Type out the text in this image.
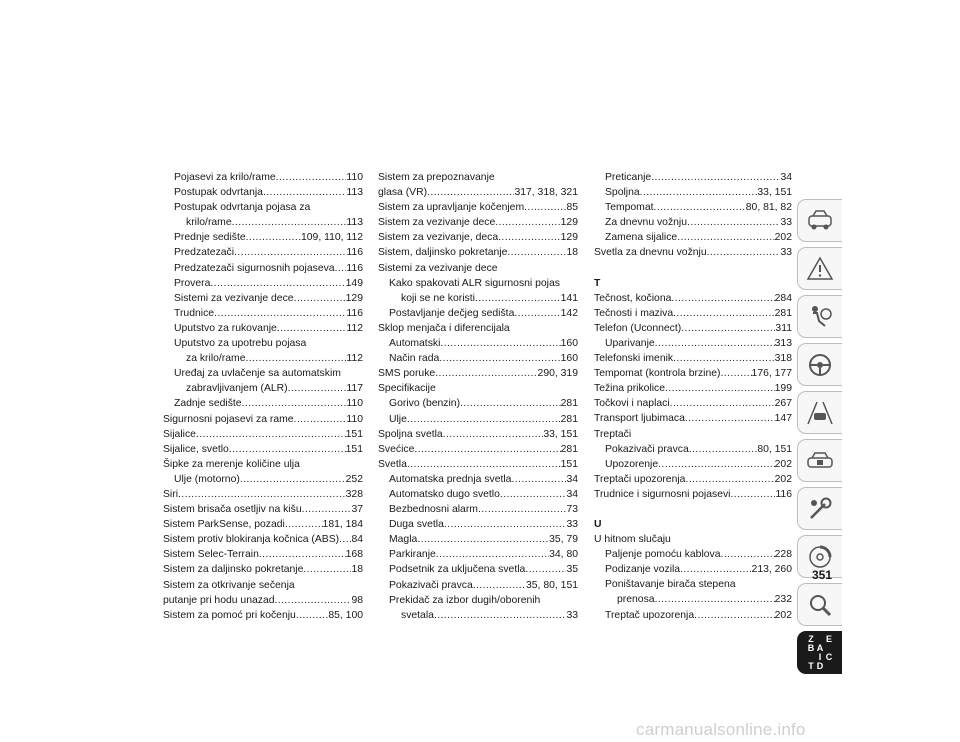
Pojasevi za krilo/rame .....	110
Postupak odvrtanja .....	113
Postupak odvrtanja pojasa za
krilo/rame .....	113
Prednje sedište .....	109, 110, 112
Predzatezači .....	116
Predzatezači sigurnosnih pojaseva ..... 116
Provera .....	149
Sistemi za vezivanje dece .....	129
Trudnice .....	116
Uputstvo za rukovanje .....	112
Uputstvo za upotrebu pojasa
za krilo/rame .....	112
Uređaj za uvlačenje sa automatskim
zabravljivanjem (ALR) .....	117
Zadnje sedište .....	110
Sigurnosni pojasevi za rame .....	110
Sijalice .....	151
Sijalice, svetlo .....	151
Šipke za merenje količine ulja
Ulje (motorno) .....	252
Siri .....	328
Sistem brisača osetljiv na kišu .....	37
Sistem ParkSense, pozadi .....	181, 184
Sistem protiv blokiranja kočnica (ABS) ..... 84
Sistem Selec-Terrain .....	168
Sistem za daljinsko pokretanje .....	18
Sistem za otkrivanje sečenja
putanje pri hodu unazad .....	98
Sistem za pomoć pri kočenju .....	85, 100
Sistem za prepoznavanje
glasa (VR) .....	317, 318, 321
Sistem za upravljanje kočenjem .....	85
Sistem za vezivanje dece .....	129
Sistem za vezivanje, deca .....	129
Sistem, daljinsko pokretanje .....	18
Sistemi za vezivanje dece
Kako spakovati ALR sigurnosni pojas
koji se ne koristi .....	141
Postavljanje dečjeg sedišta .....	142
Sklop menjača i diferencijala
Automatski .....	160
Način rada .....	160
SMS poruke .....	290, 319
Specifikacije
Gorivo (benzin) .....	281
Ulje .....	281
Spoljna svetla .....	33, 151
Svećice .....	281
Svetla .....	151
Automatska prednja svetla .....	34
Automatsko dugo svetlo .....	34
Bezbednosni alarm .....	73
Duga svetla .....	33
Magla .....	35, 79
Parkiranje .....	34, 80
Podsetnik za uključena svetla .....	35
Pokazivači pravca .....	35, 80, 151
Prekidač za izbor dugih/oborenih
svetala .....	33
Preticanje .....	34
Spoljna .....	33, 151
Tempomat .....	80, 81, 82
Za dnevnu vožnju .....	33
Zamena sijalice .....	202
Svetla za dnevnu vožnju .....	33
T
Tečnost, kočiona .....	284
Tečnosti i maziva .....	281
Telefon (Uconnect) .....	311
Uparivanje .....	313
Telefonski imenik .....	318
Tempomat (kontrola brzine) .....	176, 177
Težina prikolice .....	199
Točkovi i naplaci .....	267
Transport ljubimaca .....	147
Treptači
Pokazivači pravca .....	80, 151
Upozorenje .....	202
Treptači upozorenja .....	202
Trudnice i sigurnosni pojasevi .....	116
U
U hitnom slučaju
Paljenje pomoću kablova .....	228
Podizanje vozila .....	213, 260
Poništavanje birača stepena
prenosa .....	232
Treptač upozorenja .....	202
Z E
B A
I C
T D
351
carmanualsonline.info
